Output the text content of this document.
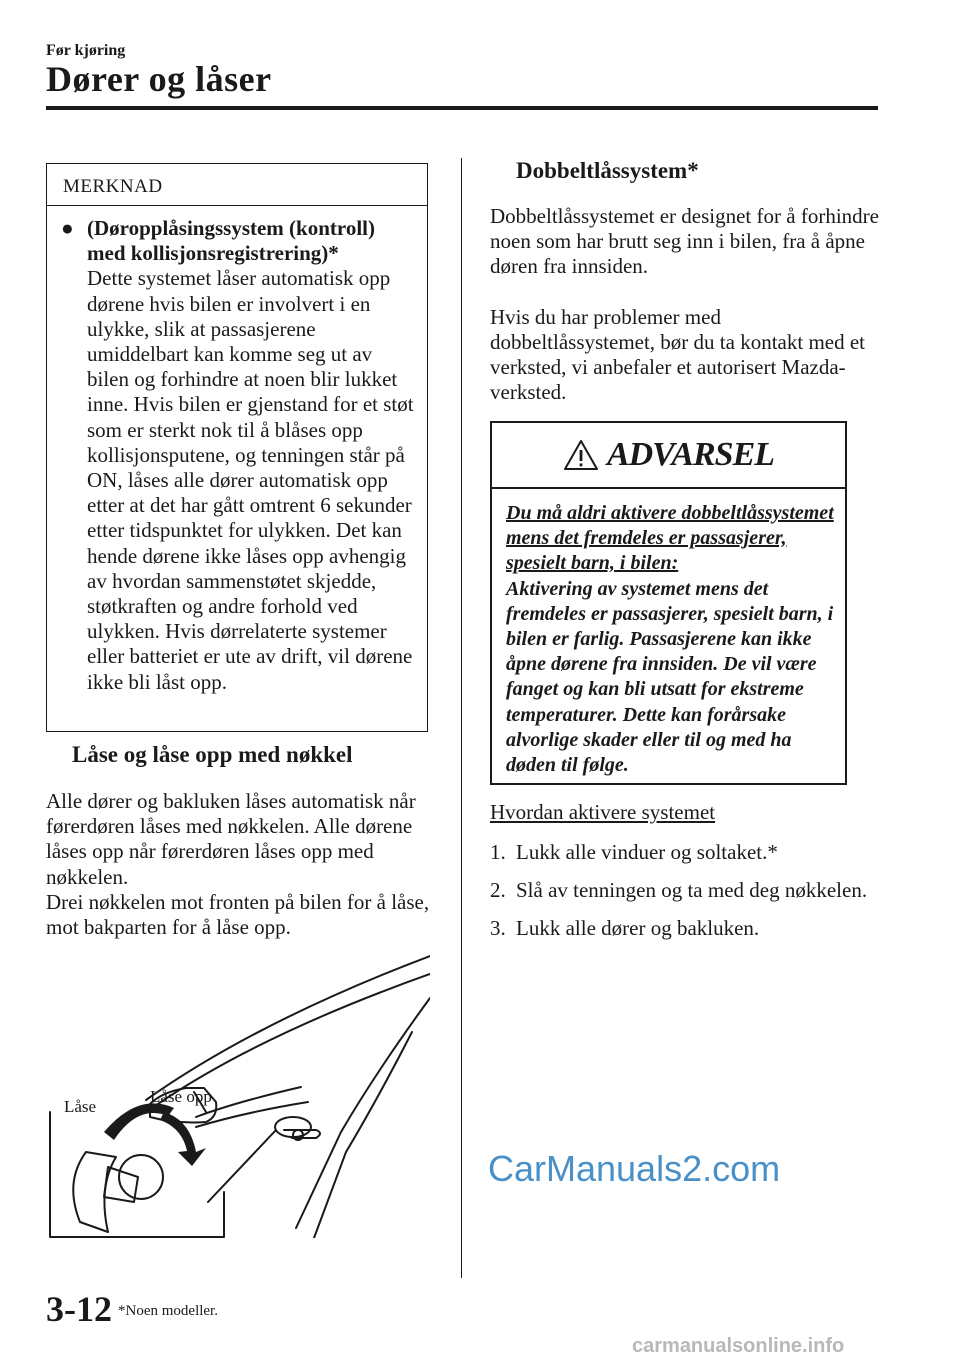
Før kjøring
Dører og låser
MERKNAD
● (Døropplåsingssystem (kontroll) med kollisjonsregistrering)*
Dette systemet låser automatisk opp dørene hvis bilen er involvert i en ulykke, slik at passasjerene umiddelbart kan komme seg ut av bilen og forhindre at noen blir lukket inne. Hvis bilen er gjenstand for et støt som er sterkt nok til å blåses opp kollisjonsputene, og tenningen står på ON, låses alle dører automatisk opp etter at det har gått omtrent 6 sekunder etter tidspunktet for ulykken. Det kan hende dørene ikke låses opp avhengig av hvordan sammenstøtet skjedde, støtkraften og andre forhold ved ulykken. Hvis dørrelaterte systemer eller batteriet er ute av drift, vil dørene ikke bli låst opp.
Låse og låse opp med nøkkel
Alle dører og bakluken låses automatisk når førerdøren låses med nøkkelen. Alle dørene låses opp når førerdøren låses opp med nøkkelen.
Drei nøkkelen mot fronten på bilen for å låse, mot bakparten for å låse opp.
Låse
Låse opp
Dobbeltlåssystem*
Dobbeltlåssystemet er designet for å forhindre noen som har brutt seg inn i bilen, fra å åpne døren fra innsiden.
Hvis du har problemer med dobbeltlåssystemet, bør du ta kontakt med et verksted, vi anbefaler et autorisert Mazda-verksted.
ADVARSEL
Du må aldri aktivere dobbeltlåssystemet mens det fremdeles er passasjerer, spesielt barn, i bilen:
Aktivering av systemet mens det fremdeles er passasjerer, spesielt barn, i bilen er farlig. Passasjerene kan ikke åpne dørene fra innsiden. De vil være fanget og kan bli utsatt for ekstreme temperaturer. Dette kan forårsake alvorlige skader eller til og med ha døden til følge.
Hvordan aktivere systemet
1. Lukk alle vinduer og soltaket.*
2. Slå av tenningen og ta med deg nøkkelen.
3. Lukk alle dører og bakluken.
CarManuals2.com
3-12 *Noen modeller.
carmanualsonline.info
